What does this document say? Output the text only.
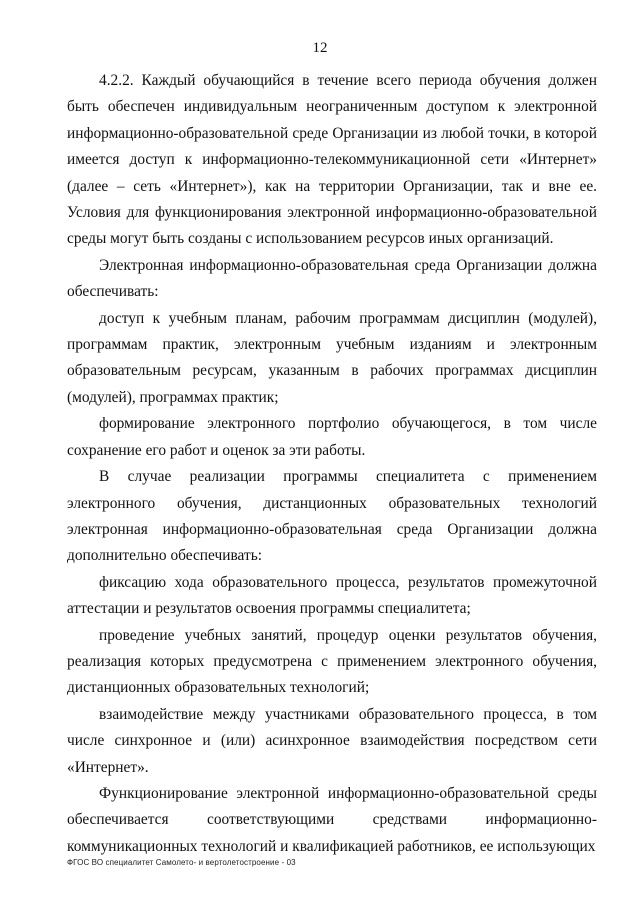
12

4.2.2. Каждый обучающийся в течение всего периода обучения должен быть обеспечен индивидуальным неограниченным доступом к электронной информационно-образовательной среде Организации из любой точки, в которой имеется доступ к информационно-телекоммуникационной сети «Интернет» (далее – сеть «Интернет»), как на территории Организации, так и вне ее. Условия для функционирования электронной информационно-образовательной среды могут быть созданы с использованием ресурсов иных организаций.

Электронная информационно-образовательная среда Организации должна обеспечивать:

доступ к учебным планам, рабочим программам дисциплин (модулей), программам практик, электронным учебным изданиям и электронным образовательным ресурсам, указанным в рабочих программах дисциплин (модулей), программах практик;

формирование электронного портфолио обучающегося, в том числе сохранение его работ и оценок за эти работы.

В случае реализации программы специалитета с применением электронного обучения, дистанционных образовательных технологий электронная информационно-образовательная среда Организации должна дополнительно обеспечивать:

фиксацию хода образовательного процесса, результатов промежуточной аттестации и результатов освоения программы специалитета;

проведение учебных занятий, процедур оценки результатов обучения, реализация которых предусмотрена с применением электронного обучения, дистанционных образовательных технологий;

взаимодействие между участниками образовательного процесса, в том числе синхронное и (или) асинхронное взаимодействия посредством сети «Интернет».

Функционирование электронной информационно-образовательной среды обеспечивается соответствующими средствами информационно-коммуникационных технологий и квалификацией работников, ее использующих

ФГОС ВО специалитет Самолето- и вертолетостроение - 03
